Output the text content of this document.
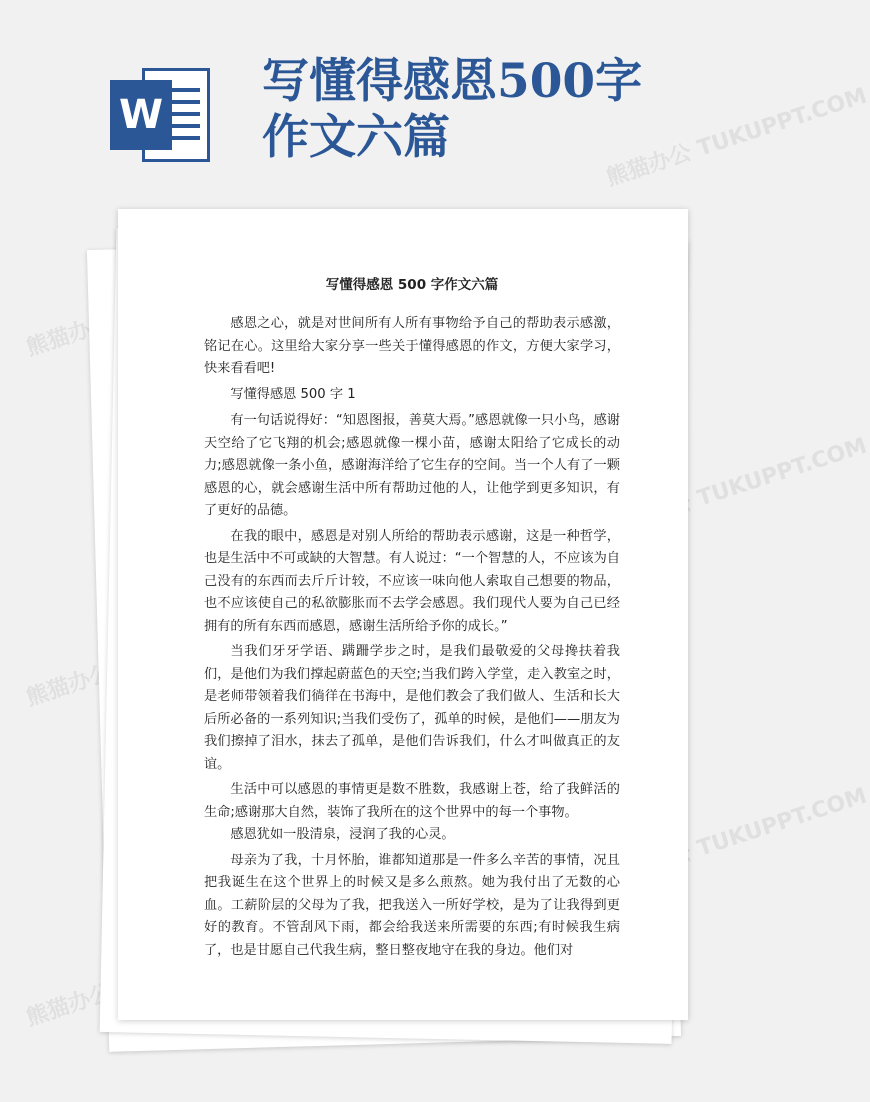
熊猫办公
熊猫办公 TUKUPPT.COM
熊猫办公
熊猫办公 TUKUPPT.COM
熊猫办公
熊猫办公 TUKUPPT.COM
W
写懂得感恩500字作文六篇
写懂得感恩 500 字作文六篇

感恩之心，就是对世间所有人所有事物给予自己的帮助表示感激，铭记在心。这里给大家分享一些关于懂得感恩的作文，方便大家学习，快来看看吧!

写懂得感恩 500 字 1

有一句话说得好：“知恩图报，善莫大焉。”感恩就像一只小鸟，感谢天空给了它飞翔的机会;感恩就像一棵小苗，感谢太阳给了它成长的动力;感恩就像一条小鱼，感谢海洋给了它生存的空间。当一个人有了一颗感恩的心，就会感谢生活中所有帮助过他的人，让他学到更多知识，有了更好的品德。

在我的眼中，感恩是对别人所给的帮助表示感谢，这是一种哲学，也是生活中不可或缺的大智慧。有人说过：“一个智慧的人，不应该为自己没有的东西而去斤斤计较，不应该一味向他人索取自己想要的物品，也不应该使自己的私欲膨胀而不去学会感恩。我们现代人要为自己已经拥有的所有东西而感恩，感谢生活所给予你的成长。”

当我们牙牙学语、蹒跚学步之时，是我们最敬爱的父母搀扶着我们，是他们为我们撑起蔚蓝色的天空;当我们跨入学堂，走入教室之时，是老师带领着我们徜徉在书海中，是他们教会了我们做人、生活和长大后所必备的一系列知识;当我们受伤了，孤单的时候，是他们——朋友为我们擦掉了泪水，抹去了孤单，是他们告诉我们，什么才叫做真正的友谊。

生活中可以感恩的事情更是数不胜数，我感谢上苍，给了我鲜活的生命;感谢那大自然，装饰了我所在的这个世界中的每一个事物。

感恩犹如一股清泉，浸润了我的心灵。

母亲为了我，十月怀胎，谁都知道那是一件多么辛苦的事情，况且把我诞生在这个世界上的时候又是多么煎熬。她为我付出了无数的心血。工薪阶层的父母为了我，把我送入一所好学校，是为了让我得到更好的教育。不管刮风下雨，都会给我送来所需要的东西;有时候我生病了，也是甘愿自己代我生病，整日整夜地守在我的身边。他们对
